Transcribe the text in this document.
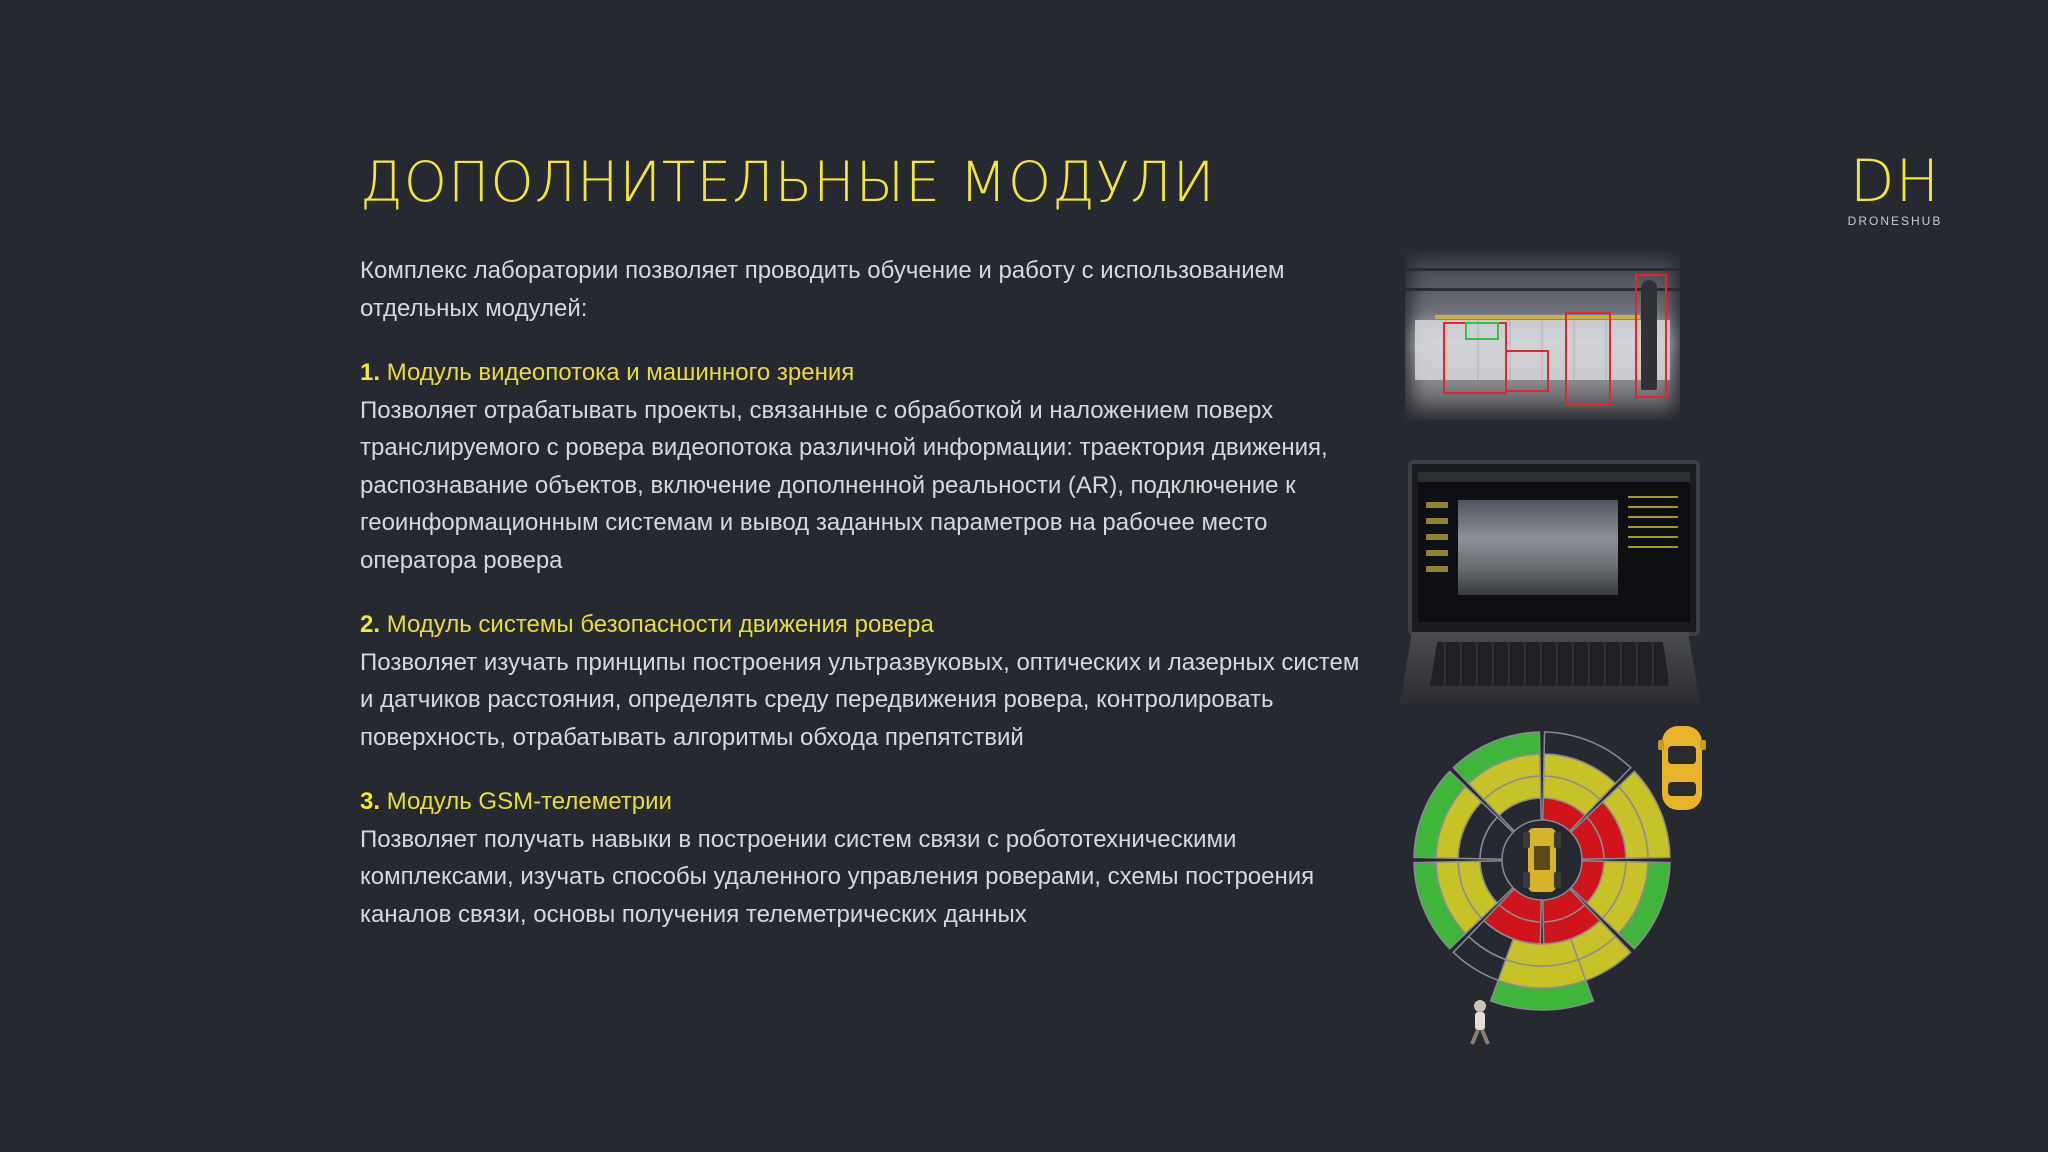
ДОПОЛНИТЕЛЬНЫЕ МОДУЛИ	DH
DRONESHUB

Комплекс лаборатории позволяет проводить обучение и работу с использованием отдельных модулей:

1. Модуль видеопотока и машинного зрения

Позволяет отрабатывать проекты, связанные с обработкой и наложением поверх транслируемого с ровера видеопотока различной информации: траектория движения, распознавание объектов, включение дополненной реальности (AR), подключение к геоинформационным системам и вывод заданных параметров на рабочее место оператора ровера

2. Модуль системы безопасности движения ровера

Позволяет изучать принципы построения ультразвуковых, оптических и лазерных систем и датчиков расстояния, определять среду передвижения ровера, контролировать поверхность, отрабатывать алгоритмы обхода препятствий

3. Модуль GSM-телеметрии

Позволяет получать навыки в построении систем связи с робототехническими комплексами, изучать способы удаленного управления роверами, схемы построения каналов связи, основы получения телеметрических данных
